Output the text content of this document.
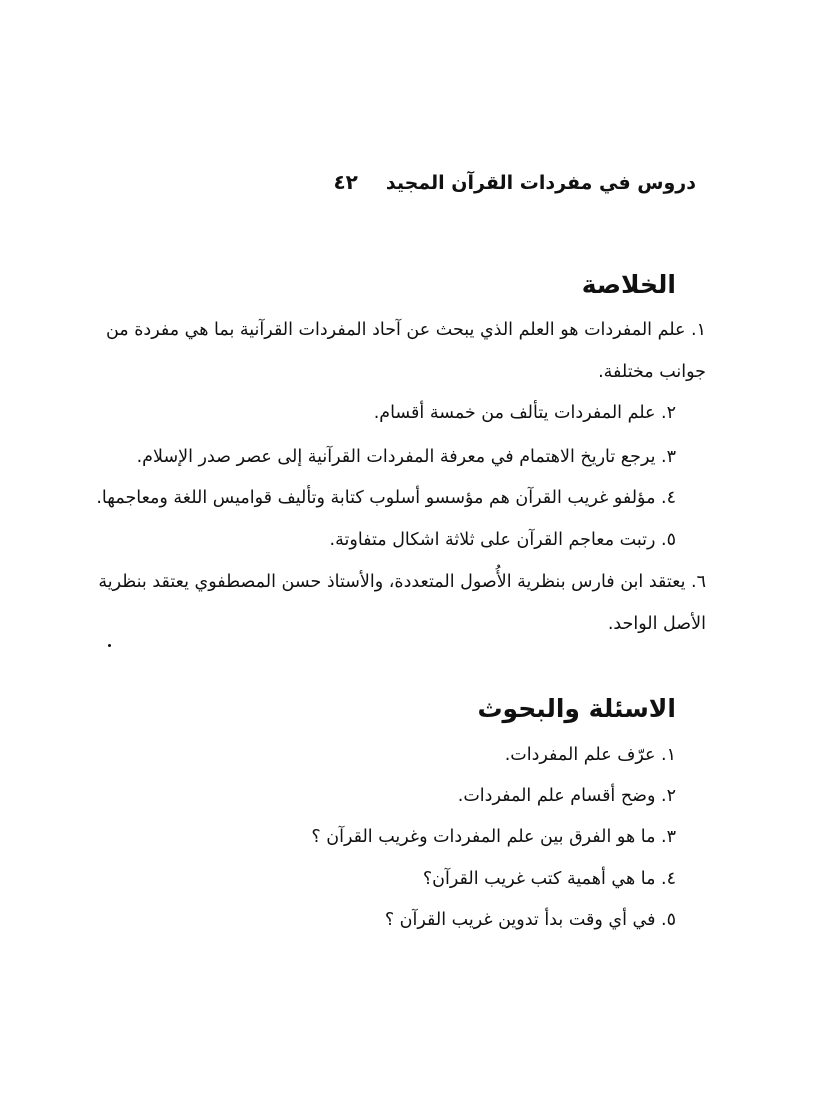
دروس في مفردات القرآن المجيد٤٢
الخلاصة
١. علم المفردات هو العلم الذي يبحث عن آحاد المفردات القرآنية بما هي مفردة من
جوانب مختلفة.
٢. علم المفردات يتألف من خمسة أقسام.
٣. يرجع تاريخ الاهتمام في معرفة المفردات القرآنية إلى عصر صدر الإسلام.
٤. مؤلفو غريب القرآن هم مؤسسو أسلوب كتابة وتأليف قواميس اللغة ومعاجمها.
٥. رتبت معاجم القرآن على ثلاثة اشكال متفاوتة.
٦. يعتقد ابن فارس بنظرية الأُصول المتعددة، والأستاذ حسن المصطفوي يعتقد بنظرية
الأصل الواحد.
الاسئلة والبحوث
١. عرّف علم المفردات.
٢. وضح أقسام علم المفردات.
٣. ما هو الفرق بين علم المفردات وغريب القرآن ؟
٤. ما هي أهمية كتب غريب القرآن؟
٥. في أي وقت بدأ تدوين غريب القرآن ؟
